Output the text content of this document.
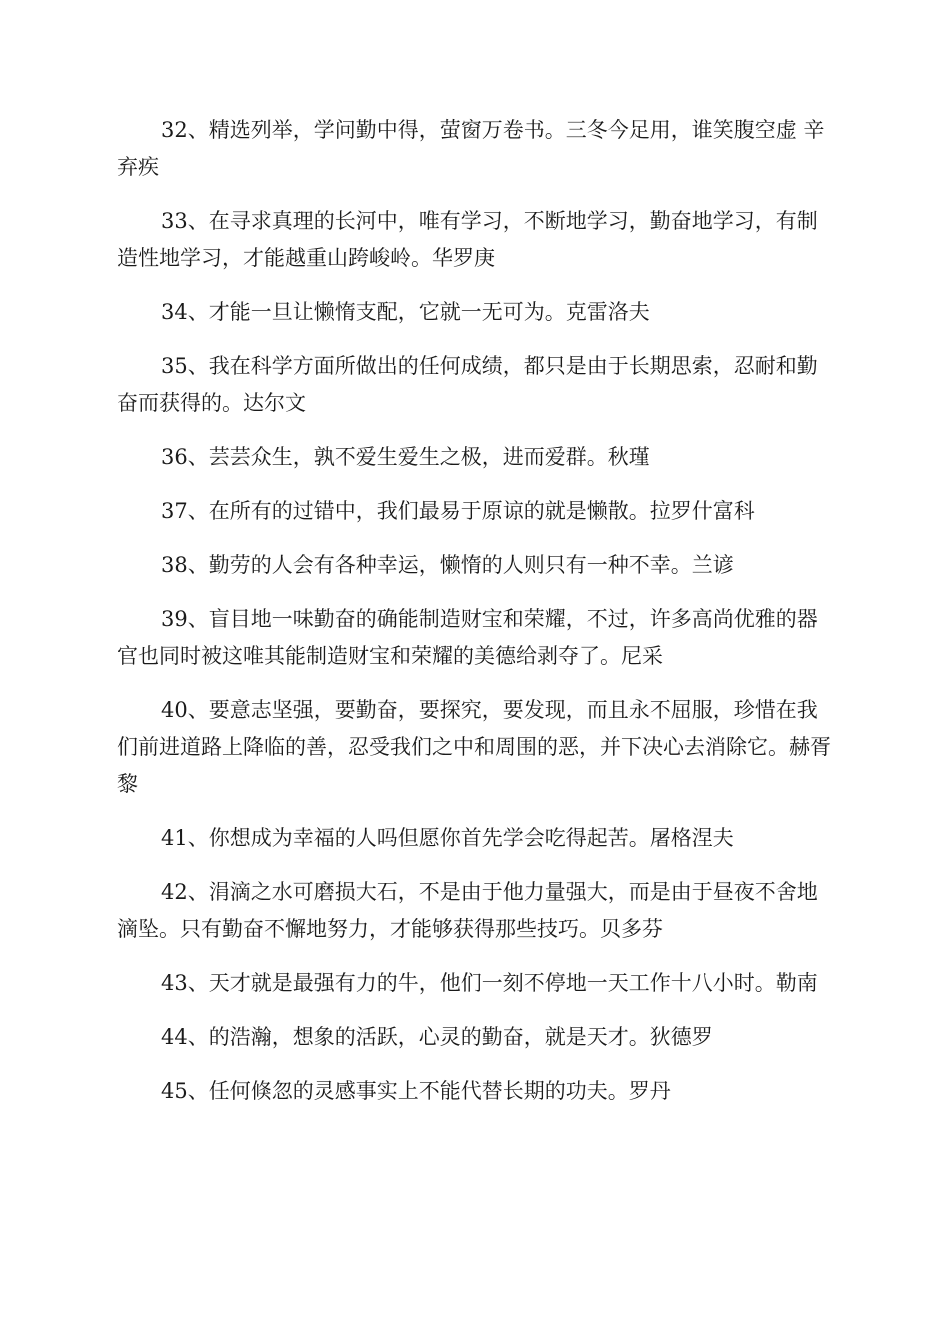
32、精选列举，学问勤中得，萤窗万卷书。三冬今足用，谁笑腹空虚 辛弃疾

33、在寻求真理的长河中，唯有学习，不断地学习，勤奋地学习，有制造性地学习，才能越重山跨峻岭。华罗庚

34、才能一旦让懒惰支配，它就一无可为。克雷洛夫

35、我在科学方面所做出的任何成绩，都只是由于长期思索，忍耐和勤奋而获得的。达尔文

36、芸芸众生，孰不爱生爱生之极，进而爱群。秋瑾

37、在所有的过错中，我们最易于原谅的就是懒散。拉罗什富科

38、勤劳的人会有各种幸运，懒惰的人则只有一种不幸。兰谚

39、盲目地一味勤奋的确能制造财宝和荣耀，不过，许多高尚优雅的器官也同时被这唯其能制造财宝和荣耀的美德给剥夺了。尼采

40、要意志坚强，要勤奋，要探究，要发现，而且永不屈服，珍惜在我们前进道路上降临的善，忍受我们之中和周围的恶，并下决心去消除它。赫胥黎

41、你想成为幸福的人吗但愿你首先学会吃得起苦。屠格涅夫

42、涓滴之水可磨损大石，不是由于他力量强大，而是由于昼夜不舍地滴坠。只有勤奋不懈地努力，才能够获得那些技巧。贝多芬

43、天才就是最强有力的牛，他们一刻不停地一天工作十八小时。勒南

44、的浩瀚，想象的活跃，心灵的勤奋，就是天才。狄德罗

45、任何倏忽的灵感事实上不能代替长期的功夫。罗丹
